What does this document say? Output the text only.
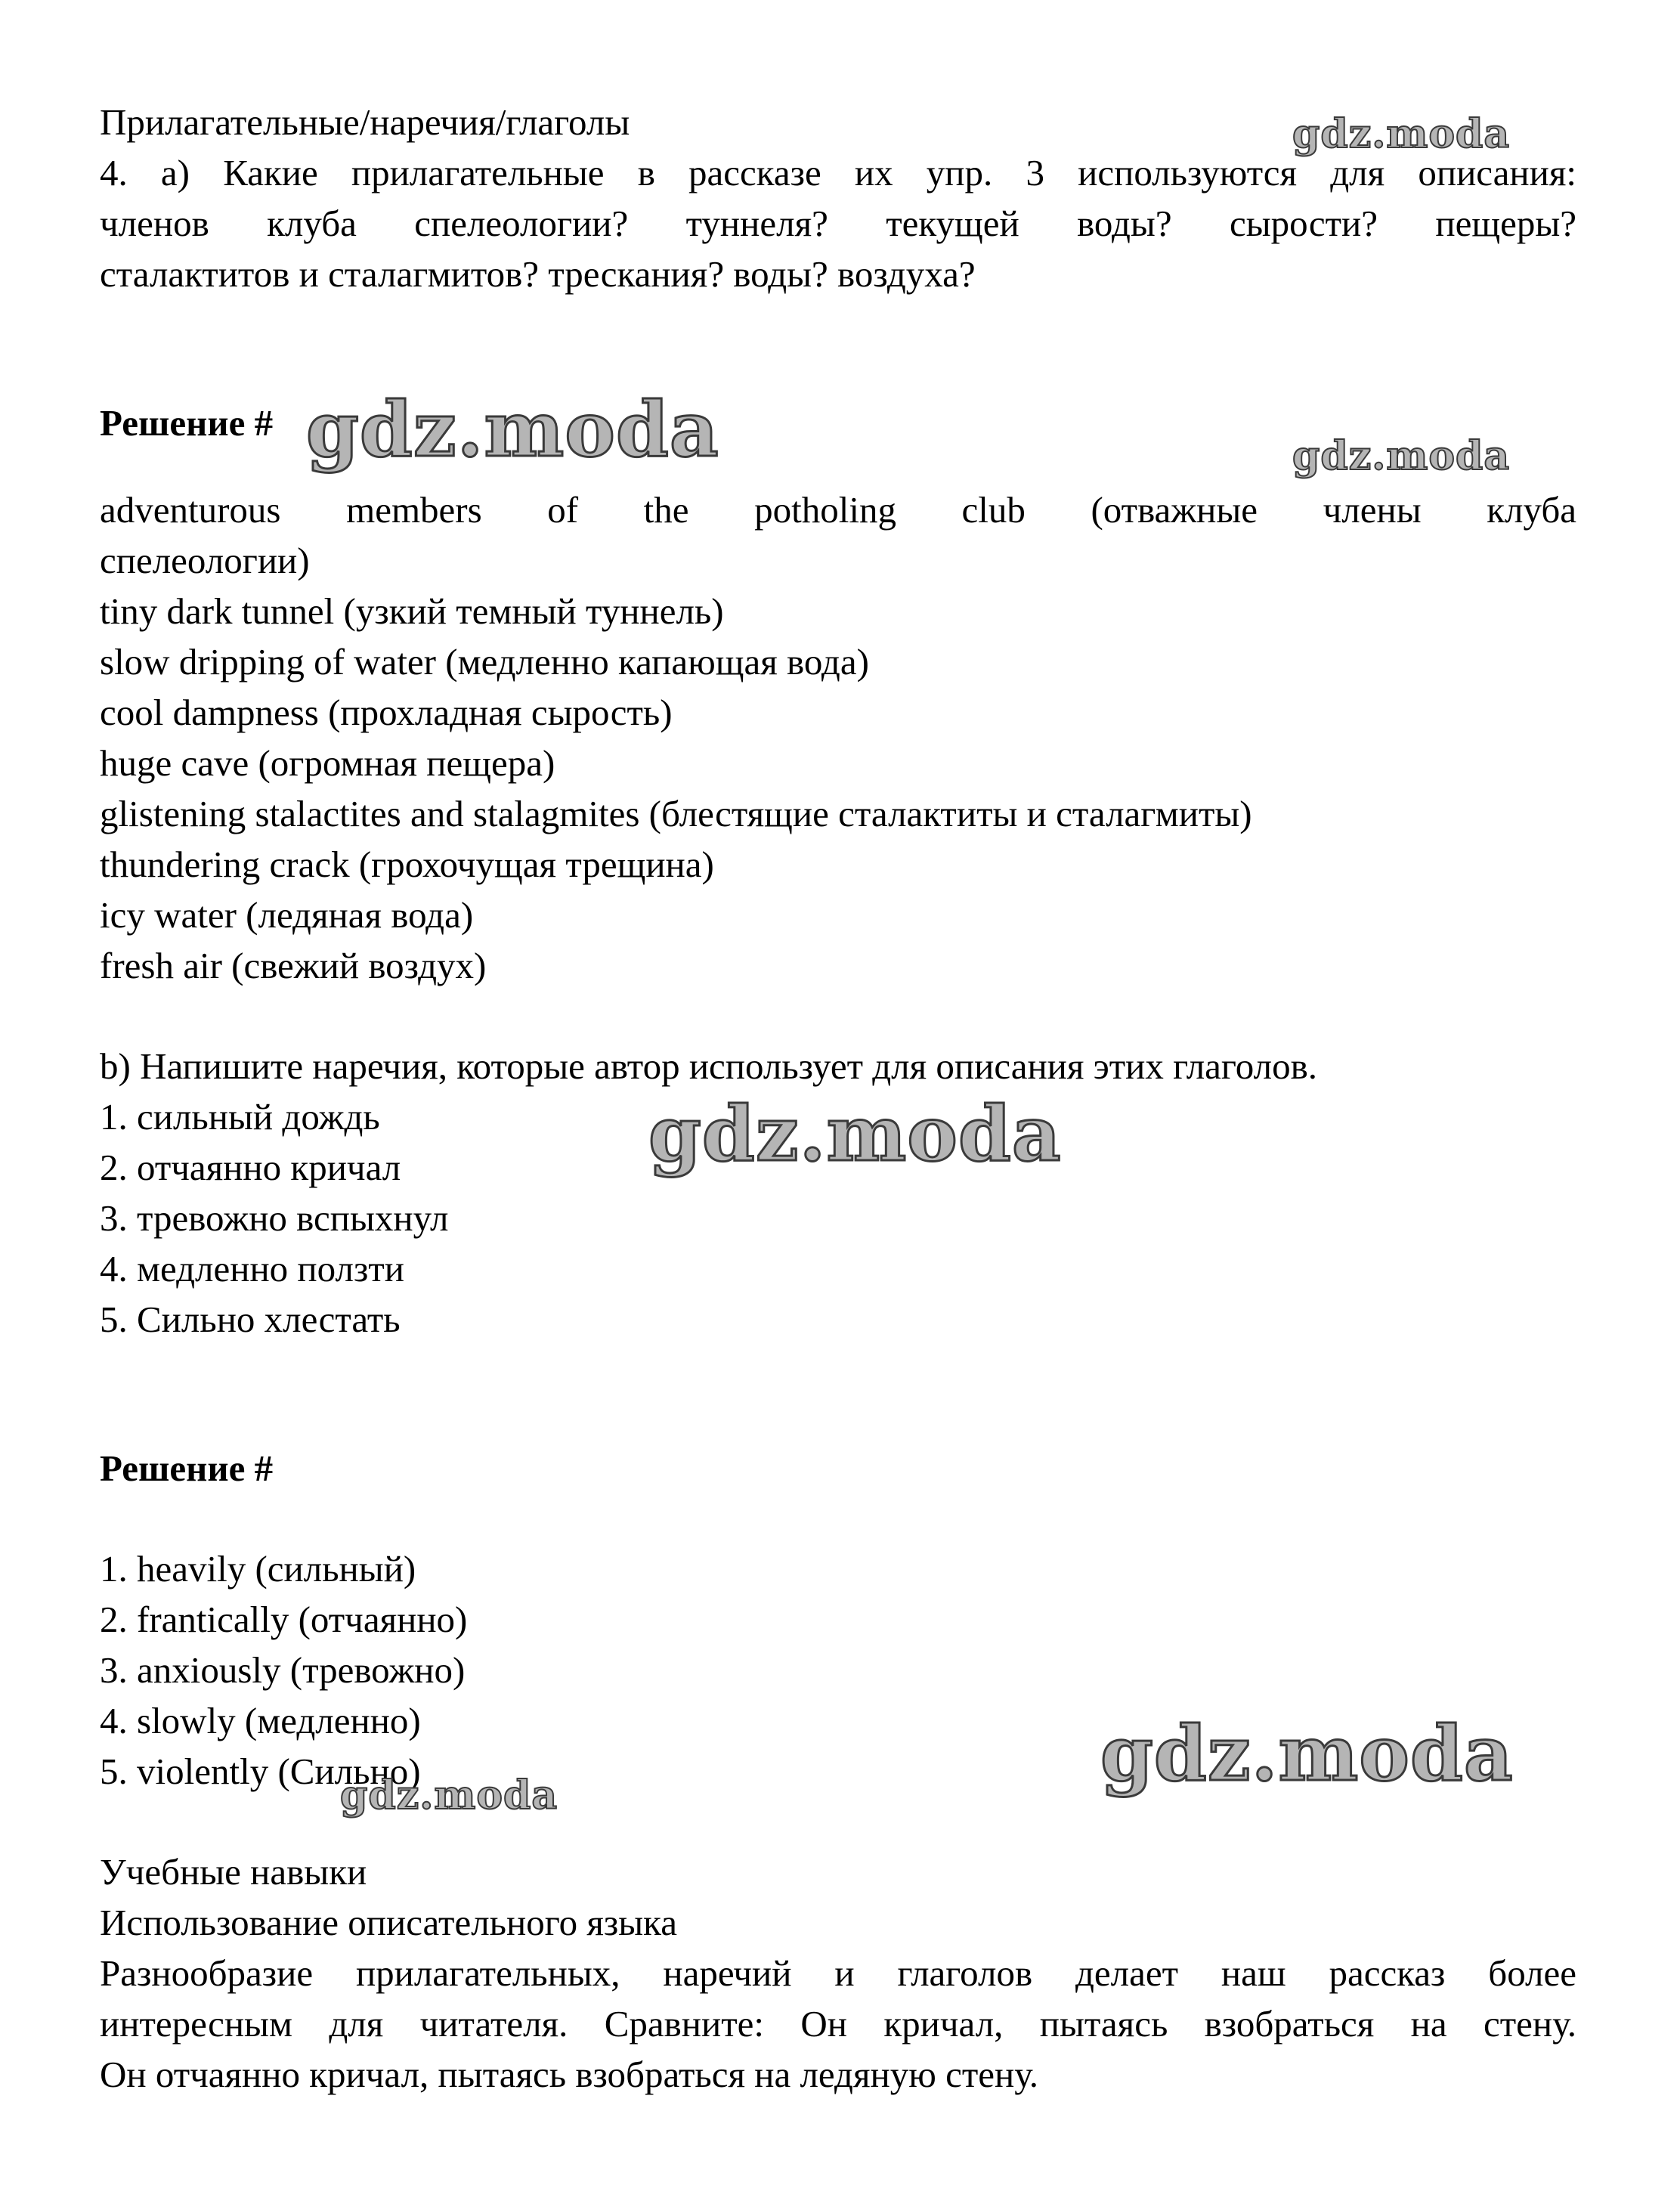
Прилагательные/наречия/глаголы
4. a) Какие прилагательные в рассказе их упр. 3 используются для описания:
членов клуба спелеологии? туннеля? текущей воды? сырости? пещеры?
сталактитов и сталагмитов? трескания? воды? воздуха?
Решение #
adventurous members of the potholing club (отважные члены клуба
спелеологии)
tiny dark tunnel (узкий темный туннель)
slow dripping of water (медленно капающая вода)
cool dampness (прохладная сырость)
huge cave (огромная пещера)
glistening stalactites and stalagmites (блестящие сталактиты и сталагмиты)
thundering crack (грохочущая трещина)
icy water (ледяная вода)
fresh air (свежий воздух)
b) Напишите наречия, которые автор использует для описания этих глаголов.
1. сильный дождь
2. отчаянно кричал
3. тревожно вспыхнул
4. медленно ползти
5. Сильно хлестать
Решение #
1. heavily (сильный)
2. frantically (отчаянно)
3. anxiously (тревожно)
4. slowly (медленно)
5. violently (Сильно)
Учебные навыки
Использование описательного языка
Разнообразие прилагательных, наречий и глаголов делает наш рассказ более
интересным для читателя. Сравните: Он кричал, пытаясь взобраться на стену.
Он отчаянно кричал, пытаясь взобраться на ледяную стену.
gdz.moda
gdz.moda	gdz.moda
gdz.moda
gdz.moda
gdz.moda
